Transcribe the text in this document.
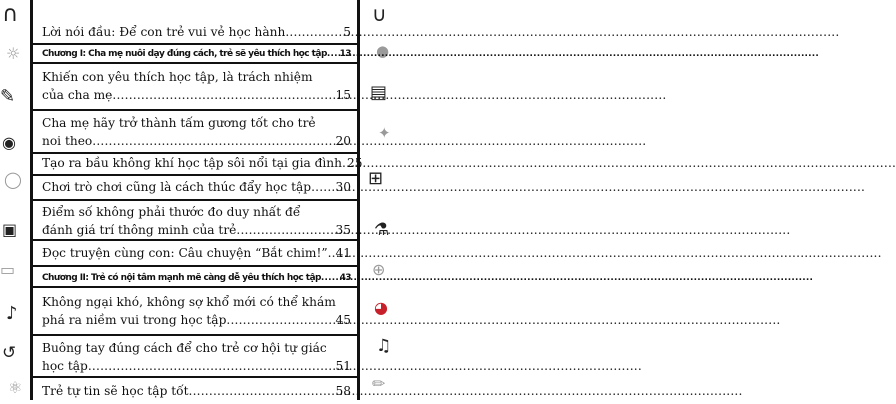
∩
☼
✎
◉
◯
▣
▭
♪
↺
⚛
∪
●
▤
✦
⊞
⚗
⊕
◕
♫
✏
Lời nói đầu: Để con trẻ vui vẻ học hành .....	5
Chương I: Cha mẹ nuôi dạy đúng cách, trẻ sẽ yêu thích học tập ..... 13
Khiến con yêu thích học tập, là trách nhiệm
của cha mẹ .....	15
Cha mẹ hãy trở thành tấm gương tốt cho trẻ
noi theo .....	20
Tạo ra bầu không khí học tập sôi nổi tại gia đình ..... 25
Chơi trò chơi cũng là cách thúc đẩy học tập ..... 30
Điểm số không phải thước đo duy nhất để
đánh giá trí thông minh của trẻ .....	35
Đọc truyện cùng con: Câu chuyện “Bắt chim!” ..... 41
Chương II: Trẻ có nội tâm mạnh mẽ càng dễ yêu thích học tập ..... 43
Không ngại khó, không sợ khổ mới có thể khám
phá ra niềm vui trong học tập .....	45
Buông tay đúng cách để cho trẻ cơ hội tự giác
học tập .....	51
Trẻ tự tin sẽ học tập tốt .....	58
